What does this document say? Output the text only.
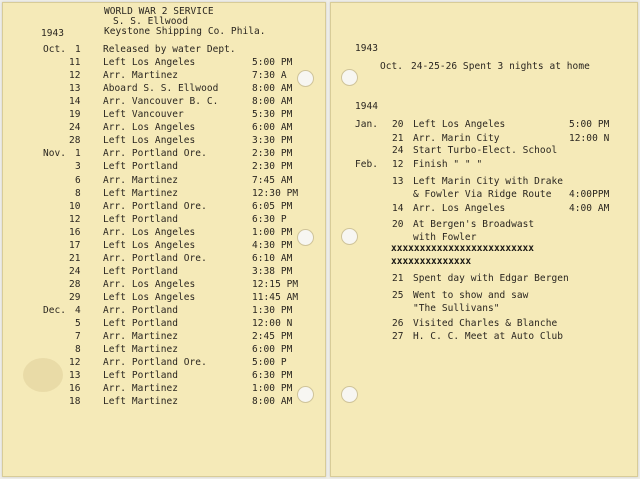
WORLD WAR 2 SERVICE
S. S. Ellwood
Keystone Shipping Co. Phila.
1943
Oct. 1 Released by water Dept.
11 Left Los Angeles	5:00 PM
12 Arr. Martinez	7:30 A
13 Aboard S. S. Ellwood	8:00 AM
14 Arr. Vancouver B. C.	8:00 AM
19 Left Vancouver	5:30 PM
24 Arr. Los Angeles	6:00 AM
28 Left Los Angeles	3:30 PM
Nov. 1 Arr. Portland Ore.	2:30 PM
3 Left Portland	2:30 PM
6 Arr. Martinez	7:45 AM
8 Left Martinez	12:30 PM
10 Arr. Portland Ore.	6:05 PM
12 Left Portland	6:30 P
16 Arr. Los Angeles	1:00 PM
17 Left Los Angeles	4:30 PM
21 Arr. Portland Ore.	6:10 AM
24 Left Portland	3:38 PM
28 Arr. Los Angeles	12:15 PM
29 Left Los Angeles	11:45 AM
Dec. 4 Arr. Portland	1:30 PM
5 Left Portland	12:00 N
7 Arr. Martinez	2:45 PM
8 Left Martinez	6:00 PM
12 Arr. Portland Ore.	5:00 P
13 Left Portland	6:30 PM
16 Arr. Martinez	1:00 PM
18 Left Martinez	8:00 AM
1943
Oct. 24-25-26 Spent 3 nights at home
1944
Jan. 20 Left Los Angeles	5:00 PM
21 Arr. Marin City	12:00 N
24 Start Turbo-Elect. School
Feb. 12 Finish " " "
13 Left Marin City with Drake
& Fowler Via Ridge Route 4:00PPM
14 Arr. Los Angeles	4:00 AM
20 At Bergen's Broadwast
with Fowler
xxxxxxxxxxxxxxxxxxxxxxxxx
xxxxxxxxxxxxxx
21 Spent day with Edgar Bergen
25 Went to show and saw
"The Sullivans"
26 Visited Charles & Blanche
27 H. C. C. Meet at Auto Club
